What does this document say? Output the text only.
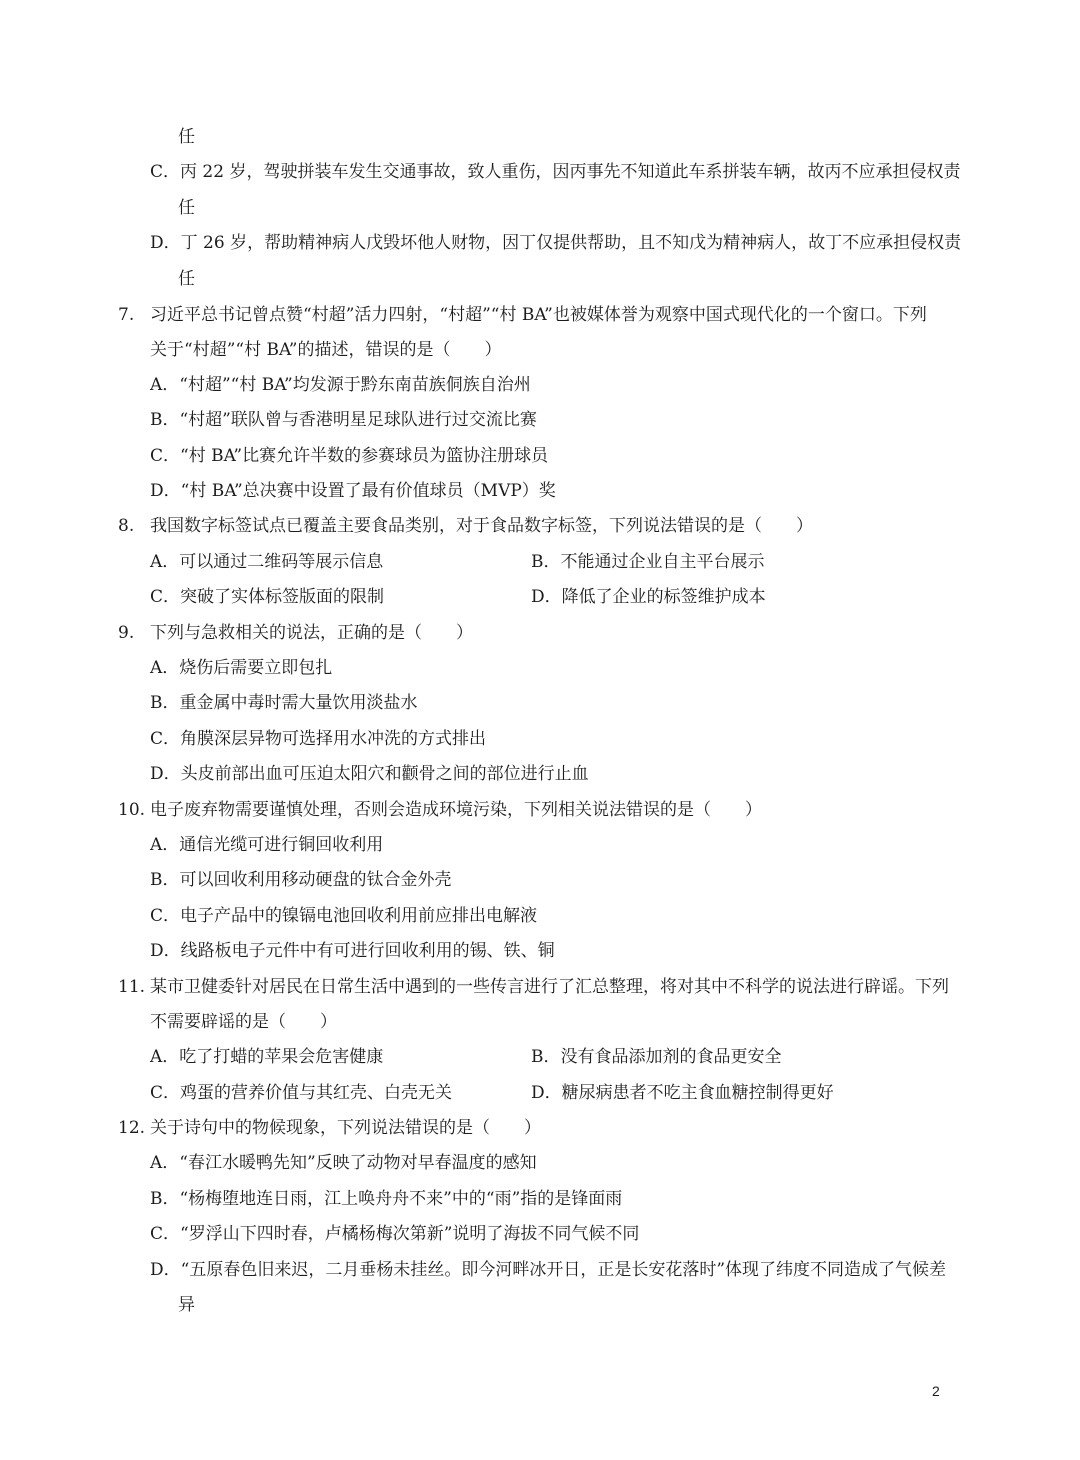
任
C．丙 22 岁，驾驶拼装车发生交通事故，致人重伤，因丙事先不知道此车系拼装车辆，故丙不应承担侵权责
任
D．丁 26 岁，帮助精神病人戊毁坏他人财物，因丁仅提供帮助，且不知戊为精神病人，故丁不应承担侵权责
任
7. 习近平总书记曾点赞“村超”活力四射，“村超”“村 BA”也被媒体誉为观察中国式现代化的一个窗口。下列
关于“村超”“村 BA”的描述，错误的是（　　）
A．“村超”“村 BA”均发源于黔东南苗族侗族自治州
B．“村超”联队曾与香港明星足球队进行过交流比赛
C．“村 BA”比赛允许半数的参赛球员为篮协注册球员
D．“村 BA”总决赛中设置了最有价值球员（MVP）奖
8. 我国数字标签试点已覆盖主要食品类别，对于食品数字标签，下列说法错误的是（　　）
A．可以通过二维码等展示信息	B．不能通过企业自主平台展示
C．突破了实体标签版面的限制	D．降低了企业的标签维护成本
9. 下列与急救相关的说法，正确的是（　　）
A．烧伤后需要立即包扎
B．重金属中毒时需大量饮用淡盐水
C．角膜深层异物可选择用水冲洗的方式排出
D．头皮前部出血可压迫太阳穴和颧骨之间的部位进行止血
10. 电子废弃物需要谨慎处理，否则会造成环境污染，下列相关说法错误的是（　　）
A．通信光缆可进行铜回收利用
B．可以回收利用移动硬盘的钛合金外壳
C．电子产品中的镍镉电池回收利用前应排出电解液
D．线路板电子元件中有可进行回收利用的锡、铁、铜
11. 某市卫健委针对居民在日常生活中遇到的一些传言进行了汇总整理，将对其中不科学的说法进行辟谣。下列
不需要辟谣的是（　　）
A．吃了打蜡的苹果会危害健康	B．没有食品添加剂的食品更安全
C．鸡蛋的营养价值与其红壳、白壳无关	D．糖尿病患者不吃主食血糖控制得更好
12. 关于诗句中的物候现象，下列说法错误的是（　　）
A．“春江水暖鸭先知”反映了动物对早春温度的感知
B．“杨梅堕地连日雨，江上唤舟舟不来”中的“雨”指的是锋面雨
C．“罗浮山下四时春，卢橘杨梅次第新”说明了海拔不同气候不同
D．“五原春色旧来迟，二月垂杨未挂丝。即今河畔冰开日，正是长安花落时”体现了纬度不同造成了气候差
异
2
